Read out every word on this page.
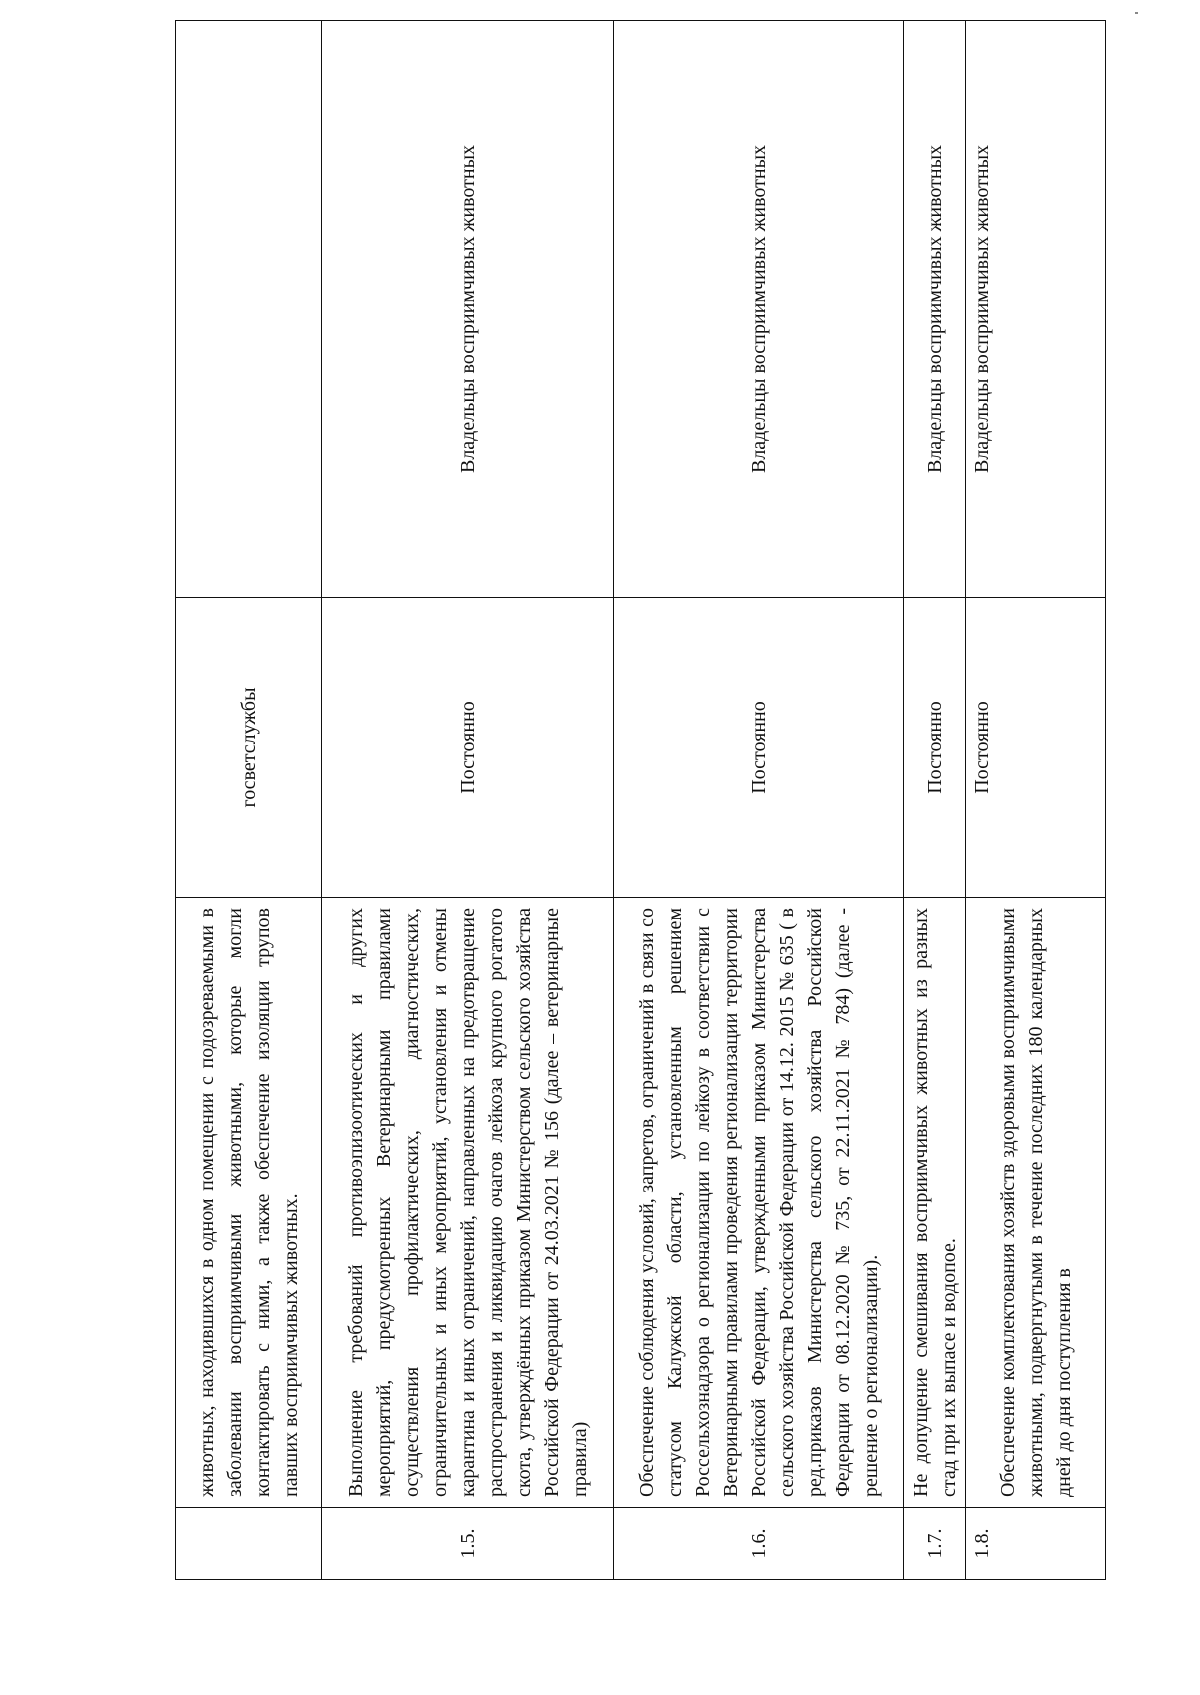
	животных, находившихся в одном помещении с подозреваемыми в заболевании восприимчивыми животными, которые могли контактировать с ними, а также обеспечение изоляции трупов павших восприимчивых животных.	госветслужбы	
1.5.	Выполнение требований противоэпизоотических и других мероприятий, предусмотренных Ветеринарными правилами осуществления профилактических, диагностических, ограничительных и иных мероприятий, установления и отмены карантина и иных ограничений, направленных на предотвращение распространения и ликвидацию очагов лейкоза крупного рогатого скота, утверждённых приказом Министерством сельского хозяйства Российской Федерации от 24.03.2021 № 156 (далее – ветеринарные правила)	Постоянно	Владельцы восприимчивых животных
1.6.	Обеспечение соблюдения условий, запретов, ограничений в связи со статусом Калужской области, установленным решением Россельхознадзора о регионализации по лейкозу в соответствии с Ветеринарными правилами проведения регионализации территории Российской Федерации, утвержденными приказом Министерства сельского хозяйства Российской Федерации от 14.12. 2015 № 635 ( в ред.приказов Министерства сельского хозяйства Российской Федерации от 08.12.2020 № 735, от 22.11.2021 № 784) (далее - решение о регионализации).	Постоянно	Владельцы восприимчивых животных
1.7.	Не допущение смешивания восприимчивых животных из разных стад при их выпасе и водопое.	Постоянно	Владельцы восприимчивых животных
1.8.	Обеспечение комплектования хозяйств здоровыми восприимчивыми животными, подвергнутыми в течение последних 180 календарных дней до дня поступления в	Постоянно	Владельцы восприимчивых животных
